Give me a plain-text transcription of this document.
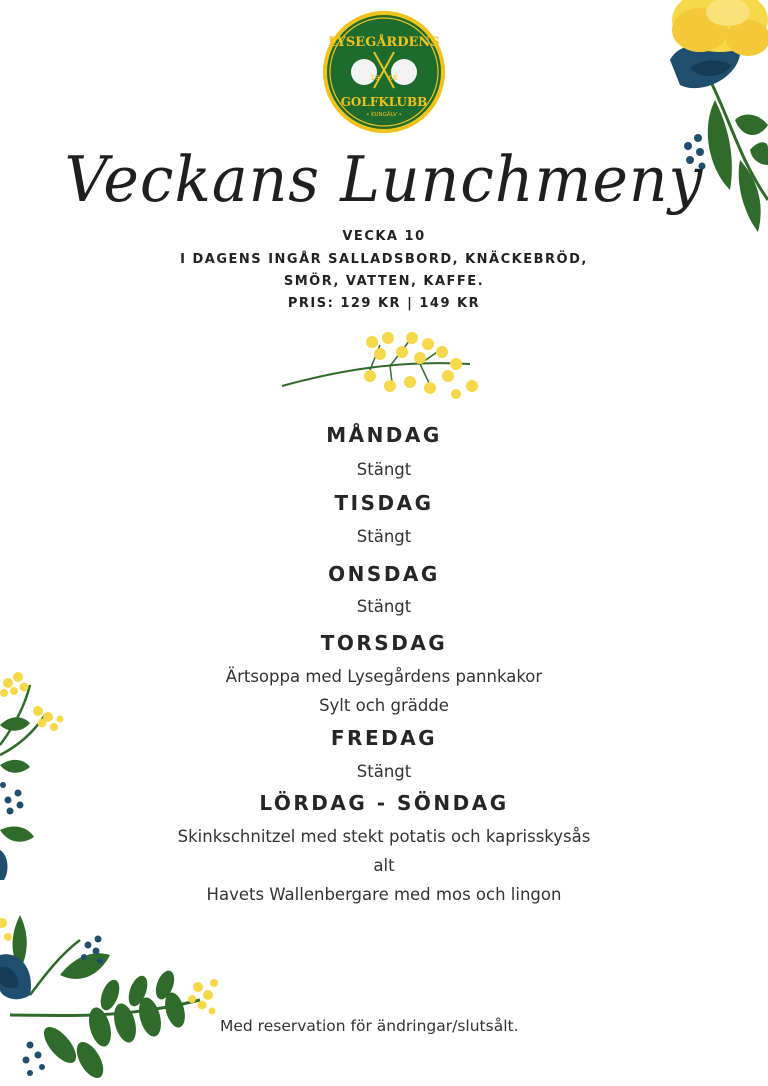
LYSEGÅRDENS
19 66
GOLFKLUBB
• KUNGÄLV •
Veckans Lunchmeny
VECKA 10
I DAGENS INGÅR SALLADSBORD, KNÄCKEBRÖD,
SMÖR, VATTEN, KAFFE.
PRIS: 129 KR | 149 KR
MÅNDAG
Stängt
TISDAG
Stängt
ONSDAG
Stängt
TORSDAG
Ärtsoppa med Lysegårdens pannkakor
Sylt och grädde
FREDAG
Stängt
LÖRDAG - SÖNDAG
Skinkschnitzel med stekt potatis och kaprisskysås
alt
Havets Wallenbergare med mos och lingon
Med reservation för ändringar/slutsålt.
